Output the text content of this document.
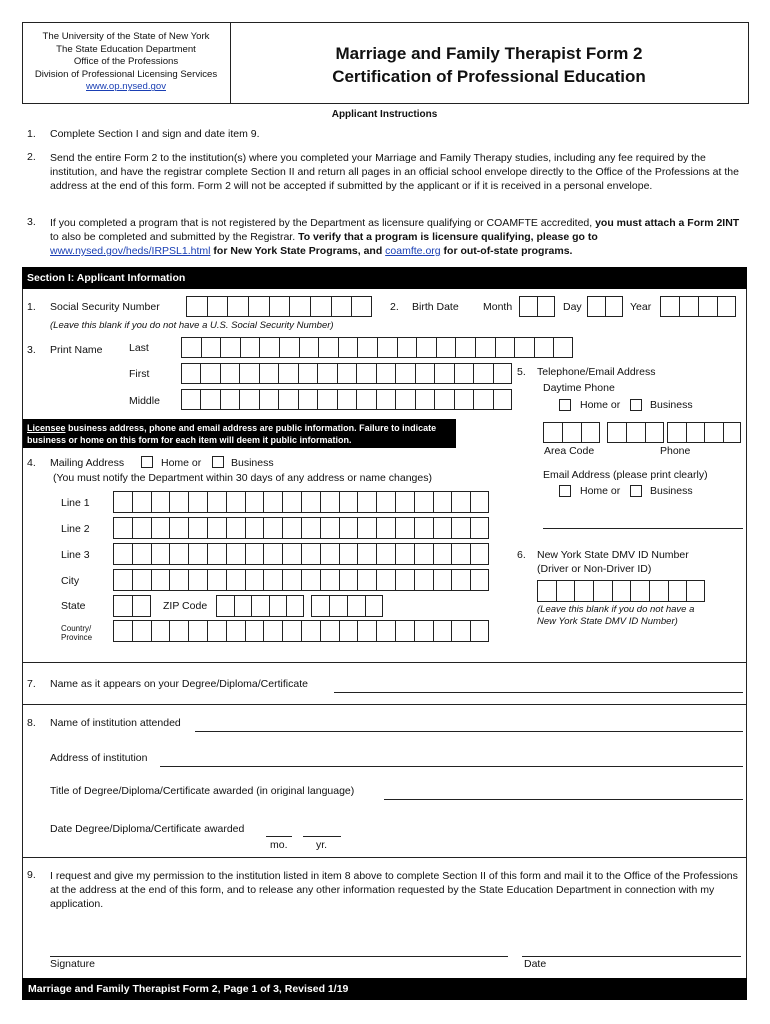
The University of the State of New York
The State Education Department
Office of the Professions
Division of Professional Licensing Services
www.op.nysed.gov
Marriage and Family Therapist Form 2
Certification of Professional Education
Applicant Instructions
1. Complete Section I and sign and date item 9.
2. Send the entire Form 2 to the institution(s) where you completed your Marriage and Family Therapy studies, including any fee required by the institution, and have the registrar complete Section II and return all pages in an official school envelope directly to the Office of the Professions at the address at the end of this form. Form 2 will not be accepted if submitted by the applicant or if it is received in a personal envelope.
3. If you completed a program that is not registered by the Department as licensure qualifying or COAMFTE accredited, you must attach a Form 2INT to also be completed and submitted by the Registrar. To verify that a program is licensure qualifying, please go to www.nysed.gov/heds/IRPSL1.html for New York State Programs, and coamfte.org for out-of-state programs.
Section I: Applicant Information
1. Social Security Number
(Leave this blank if you do not have a U.S. Social Security Number)
2. Birth Date Month	Day	Year
3. Print Name	Last
First
Middle
Licensee business address, phone and email address are public information. Failure to indicate business or home on this form for each item will deem it public information.
4. Mailing Address	Home or	Business
(You must notify the Department within 30 days of any address or name changes)
Line 1
Line 2
Line 3
City
State	ZIP Code
Country/
Province
5. Telephone/Email Address
Daytime Phone
Home or	Business
Area Code	Phone
Email Address (please print clearly)
Home or	Business
6. New York State DMV ID Number
(Driver or Non-Driver ID)
(Leave this blank if you do not have a
New York State DMV ID Number)
7. Name as it appears on your Degree/Diploma/Certificate
8. Name of institution attended
Address of institution
Title of Degree/Diploma/Certificate awarded (in original language)
Date Degree/Diploma/Certificate awarded
mo.	yr.
9. I request and give my permission to the institution listed in item 8 above to complete Section II of this form and mail it to the Office of the Professions at the address at the end of this form, and to release any other information requested by the State Education Department in connection with my application.
Signature	Date
Marriage and Family Therapist Form 2, Page 1 of 3, Revised 1/19
